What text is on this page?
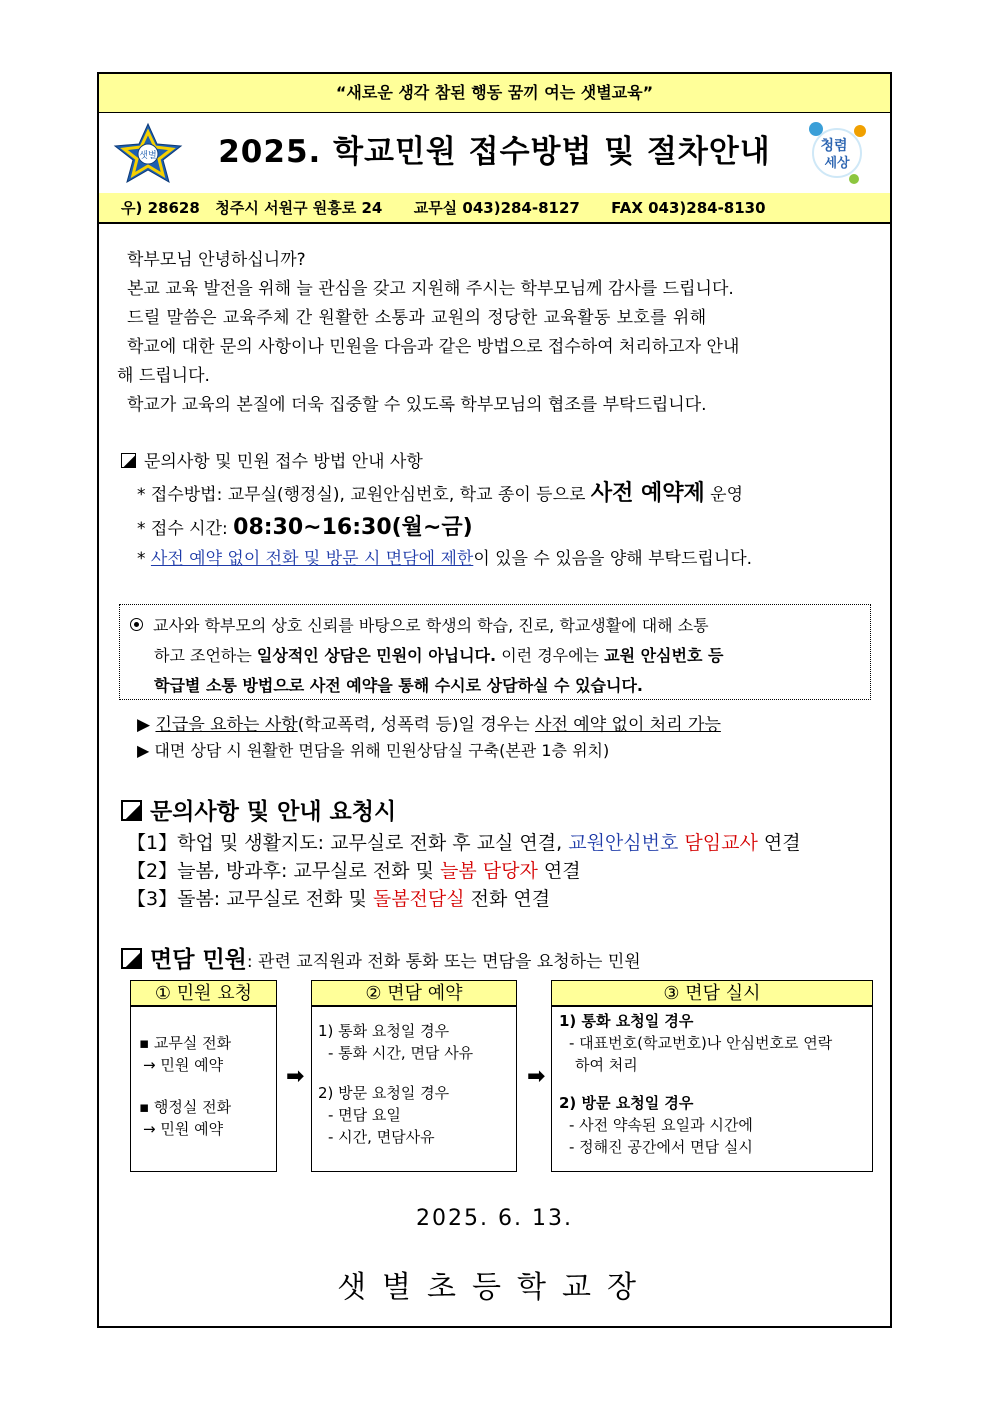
“새로운 생각 참된 행동 꿈끼 여는 샛별교육”
샛별	2025. 학교민원 접수방법 및 절차안내	청렴
세상
우) 28628   청주시 서원구 원흥로 24      교무실 043)284-8127      FAX 043)284-8130

학부모님 안녕하십니까?

본교 교육 발전을 위해 늘 관심을 갖고 지원해 주시는 학부모님께 감사를 드립니다.

드릴 말씀은 교육주체 간 원활한 소통과 교원의 정당한 교육활동 보호를 위해

학교에 대한 문의 사항이나 민원을 다음과 같은 방법으로 접수하여 처리하고자 안내

해 드립니다.

학교가 교육의 본질에 더욱 집중할 수 있도록 학부모님의 협조를 부탁드립니다.

문의사항 및 민원 접수 방법 안내 사항
* 접수방법: 교무실(행정실), 교원안심번호, 학교 종이 등으로 사전 예약제 운영
* 접수 시간: 08:30~16:30(월~금)
* 사전 예약 없이 전화 및 방문 시 면담에 제한이 있을 수 있음을 양해 부탁드립니다.

교사와 학부모의 상호 신뢰를 바탕으로 학생의 학습, 진로, 학교생활에 대해 소통

하고 조언하는 일상적인 상담은 민원이 아닙니다. 이런 경우에는 교원 안심번호 등

학급별 소통 방법으로 사전 예약을 통해 수시로 상담하실 수 있습니다.

▶ 긴급을 요하는 사항(학교폭력, 성폭력 등)일 경우는 사전 예약 없이 처리 가능
▶ 대면 상담 시 원활한 면담을 위해 민원상담실 구축(본관 1층 위치)
문의사항 및 안내 요청시
【1】학업 및 생활지도: 교무실로 전화 후 교실 연결, 교원안심번호 담임교사 연결
【2】늘봄, 방과후: 교무실로 전화 및 늘봄 담당자 연결
【3】돌봄: 교무실로 전화 및 돌봄전담실 전화 연결
면담 민원: 관련 교직원과 전화 통화 또는 면담을 요청하는 민원
① 민원 요청

▪ 교무실 전화

→ 민원 예약

▪ 행정실 전화

→ 민원 예약

➡
② 면담 예약

1) 통화 요청일 경우

- 통화 시간, 면담 사유

2) 방문 요청일 경우

- 면담 요일

- 시간, 면담사유

➡
③ 면담 실시

1) 통화 요청일 경우

- 대표번호(학교번호)나 안심번호로 연락

하여 처리

2) 방문 요청일 경우

- 사전 약속된 요일과 시간에

- 정해진 공간에서 면담 실시

2025. 6. 13.
샛별초등학교장
